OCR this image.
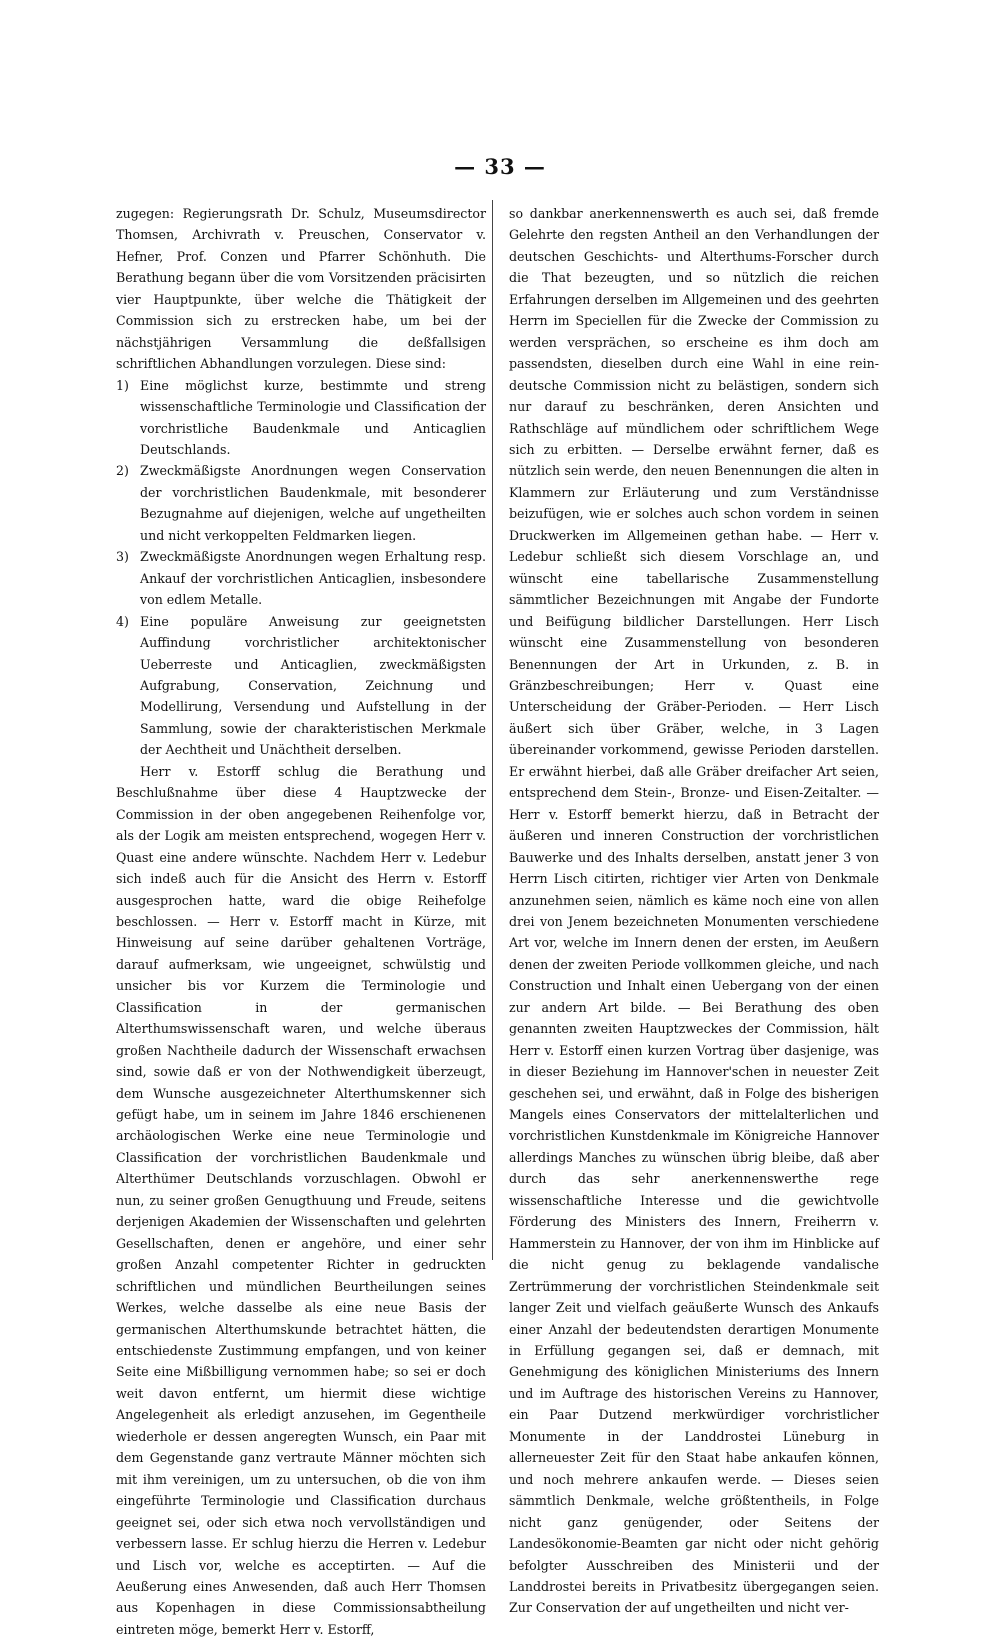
— 33 —

zugegen: Regierungsrath Dr. Schulz, Museumsdirector Thomsen, Archivrath v. Preuschen, Conservator v. Hefner, Prof. Conzen und Pfarrer Schönhuth. Die Berathung begann über die vom Vorsitzenden präcisirten vier Hauptpunkte, über welche die Thätigkeit der Commission sich zu erstrecken habe, um bei der nächstjährigen Versammlung die deßfallsigen schriftlichen Abhandlungen vorzulegen. Diese sind:

1) Eine möglichst kurze, bestimmte und streng wissenschaftliche Terminologie und Classification der vorchristliche Baudenkmale und Anticaglien Deutschlands.
2) Zweckmäßigste Anordnungen wegen Conservation der vorchristlichen Baudenkmale, mit besonderer Bezugnahme auf diejenigen, welche auf ungetheilten und nicht verkoppelten Feldmarken liegen.
3) Zweckmäßigste Anordnungen wegen Erhaltung resp. Ankauf der vorchristlichen Anticaglien, insbesondere von edlem Metalle.
4) Eine populäre Anweisung zur geeignetsten Auffindung vorchristlicher architektonischer Ueberreste und Anticaglien, zweckmäßigsten Aufgrabung, Conservation, Zeichnung und Modellirung, Versendung und Aufstellung in der Sammlung, sowie der charakteristischen Merkmale der Aechtheit und Unächtheit derselben.

Herr v. Estorff schlug die Berathung und Beschlußnahme über diese 4 Hauptzwecke der Commission in der oben angegebenen Reihenfolge vor, als der Logik am meisten entsprechend, wogegen Herr v. Quast eine andere wünschte. Nachdem Herr v. Ledebur sich indeß auch für die Ansicht des Herrn v. Estorff ausgesprochen hatte, ward die obige Reihefolge beschlossen. — Herr v. Estorff macht in Kürze, mit Hinweisung auf seine darüber gehaltenen Vorträge, darauf aufmerksam, wie ungeeignet, schwülstig und unsicher bis vor Kurzem die Terminologie und Classification in der germanischen Alterthumswissenschaft waren, und welche überaus großen Nachtheile dadurch der Wissenschaft erwachsen sind, sowie daß er von der Nothwendigkeit überzeugt, dem Wunsche ausgezeichneter Alterthumskenner sich gefügt habe, um in seinem im Jahre 1846 erschienenen archäologischen Werke eine neue Terminologie und Classification der vorchristlichen Baudenkmale und Alterthümer Deutschlands vorzuschlagen. Obwohl er nun, zu seiner großen Genugthuung und Freude, seitens derjenigen Akademien der Wissenschaften und gelehrten Gesellschaften, denen er angehöre, und einer sehr großen Anzahl competenter Richter in gedruckten schriftlichen und mündlichen Beurtheilungen seines Werkes, welche dasselbe als eine neue Basis der germanischen Alterthumskunde betrachtet hätten, die entschiedenste Zustimmung empfangen, und von keiner Seite eine Mißbilligung vernommen habe; so sei er doch weit davon entfernt, um hiermit diese wichtige Angelegenheit als erledigt anzusehen, im Gegentheile wiederhole er dessen angeregten Wunsch, ein Paar mit dem Gegenstande ganz vertraute Männer möchten sich mit ihm vereinigen, um zu untersuchen, ob die von ihm eingeführte Terminologie und Classification durchaus geeignet sei, oder sich etwa noch vervollständigen und verbessern lasse. Er schlug hierzu die Herren v. Ledebur und Lisch vor, welche es acceptirten. — Auf die Aeußerung eines Anwesenden, daß auch Herr Thomsen aus Kopenhagen in diese Commissionsabtheilung eintreten möge, bemerkt Herr v. Estorff,

so dankbar anerkennenswerth es auch sei, daß fremde Gelehrte den regsten Antheil an den Verhandlungen der deutschen Geschichts- und Alterthums-Forscher durch die That bezeugten, und so nützlich die reichen Erfahrungen derselben im Allgemeinen und des geehrten Herrn im Speciellen für die Zwecke der Commission zu werden versprächen, so erscheine es ihm doch am passendsten, dieselben durch eine Wahl in eine rein-deutsche Commission nicht zu belästigen, sondern sich nur darauf zu beschränken, deren Ansichten und Rathschläge auf mündlichem oder schriftlichem Wege sich zu erbitten. — Derselbe erwähnt ferner, daß es nützlich sein werde, den neuen Benennungen die alten in Klammern zur Erläuterung und zum Verständnisse beizufügen, wie er solches auch schon vordem in seinen Druckwerken im Allgemeinen gethan habe. — Herr v. Ledebur schließt sich diesem Vorschlage an, und wünscht eine tabellarische Zusammenstellung sämmtlicher Bezeichnungen mit Angabe der Fundorte und Beifügung bildlicher Darstellungen. Herr Lisch wünscht eine Zusammenstellung von besonderen Benennungen der Art in Urkunden, z. B. in Gränzbeschreibungen; Herr v. Quast eine Unterscheidung der Gräber-Perioden. — Herr Lisch äußert sich über Gräber, welche, in 3 Lagen übereinander vorkommend, gewisse Perioden darstellen. Er erwähnt hierbei, daß alle Gräber dreifacher Art seien, entsprechend dem Stein-, Bronze- und Eisen-Zeitalter. — Herr v. Estorff bemerkt hierzu, daß in Betracht der äußeren und inneren Construction der vorchristlichen Bauwerke und des Inhalts derselben, anstatt jener 3 von Herrn Lisch citirten, richtiger vier Arten von Denkmale anzunehmen seien, nämlich es käme noch eine von allen drei von Jenem bezeichneten Monumenten verschiedene Art vor, welche im Innern denen der ersten, im Aeußern denen der zweiten Periode vollkommen gleiche, und nach Construction und Inhalt einen Uebergang von der einen zur andern Art bilde. — Bei Berathung des oben genannten zweiten Hauptzweckes der Commission, hält Herr v. Estorff einen kurzen Vortrag über dasjenige, was in dieser Beziehung im Hannover'schen in neuester Zeit geschehen sei, und erwähnt, daß in Folge des bisherigen Mangels eines Conservators der mittelalterlichen und vorchristlichen Kunstdenkmale im Königreiche Hannover allerdings Manches zu wünschen übrig bleibe, daß aber durch das sehr anerkennenswerthe rege wissenschaftliche Interesse und die gewichtvolle Förderung des Ministers des Innern, Freiherrn v. Hammerstein zu Hannover, der von ihm im Hinblicke auf die nicht genug zu beklagende vandalische Zertrümmerung der vorchristlichen Steindenkmale seit langer Zeit und vielfach geäußerte Wunsch des Ankaufs einer Anzahl der bedeutendsten derartigen Monumente in Erfüllung gegangen sei, daß er demnach, mit Genehmigung des königlichen Ministeriums des Innern und im Auftrage des historischen Vereins zu Hannover, ein Paar Dutzend merkwürdiger vorchristlicher Monumente in der Landdrostei Lüneburg in allerneuester Zeit für den Staat habe ankaufen können, und noch mehrere ankaufen werde. — Dieses seien sämmtlich Denkmale, welche größtentheils, in Folge nicht ganz genügender, oder Seitens der Landesökonomie-Beamten gar nicht oder nicht gehörig befolgter Ausschreiben des Ministerii und der Landdrostei bereits in Privatbesitz übergegangen seien. Zur Conservation der auf ungetheilten und nicht ver-
